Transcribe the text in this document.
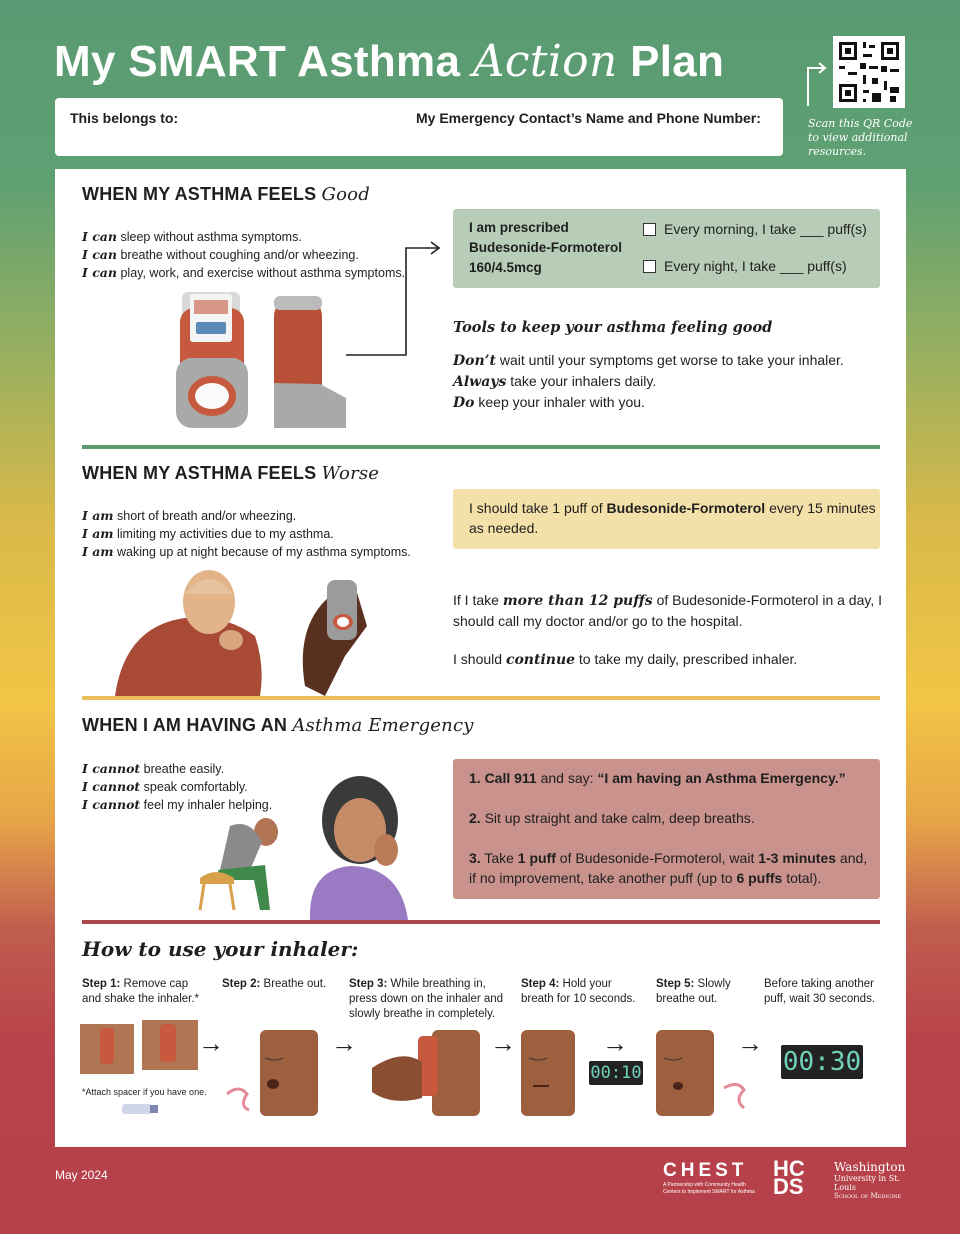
My SMART Asthma Action Plan
This belongs to:	My Emergency Contact’s Name and Phone Number:	Scan this QR Code to view additional resources.
WHEN MY ASTHMA FEELS Good
I can sleep without asthma symptoms.
I can breathe without coughing and/or wheezing.
I can play, work, and exercise without asthma symptoms.
I am prescribed Budesonide-Formoterol 160/4.5mcg
Every morning, I take ___ puff(s)
Every night, I take ___ puff(s)
Tools to keep your asthma feeling good
Don’t wait until your symptoms get worse to take your inhaler.
Always take your inhalers daily.
Do keep your inhaler with you.
WHEN MY ASTHMA FEELS Worse
I am short of breath and/or wheezing.
I am limiting my activities due to my asthma.
I am waking up at night because of my asthma symptoms.
I should take 1 puff of Budesonide-Formoterol every 15 minutes as needed.
If I take more than 12 puffs of Budesonide-Formoterol in a day, I should call my doctor and/or go to the hospital.
I should continue to take my daily, prescribed inhaler.
WHEN I AM HAVING AN Asthma Emergency
I cannot breathe easily.
I cannot speak comfortably.
I cannot feel my inhaler helping.
1. Call 911 and say: “I am having an Asthma Emergency.”
2. Sit up straight and take calm, deep breaths.
3. Take 1 puff of Budesonide-Formoterol, wait 1-3 minutes and, if no improvement, take another puff (up to 6 puffs total).
How to use your inhaler:
Step 1: Remove cap and shake the inhaler.*
Step 2: Breathe out.	Step 3: While breathing in, press down on the inhaler and slowly breathe in completely.
Step 4: Hold your breath for 10 seconds.
Step 5: Slowly breathe out.
Before taking another puff, wait 30 seconds.
*Attach spacer if you have one.
→	→	→	→
00:10
→
00:30
May 2024	CHEST
A Partnership with Community Health Centers to Implement SMART for Asthma
HCDS
Washington
University in St. Louis
School of Medicine
